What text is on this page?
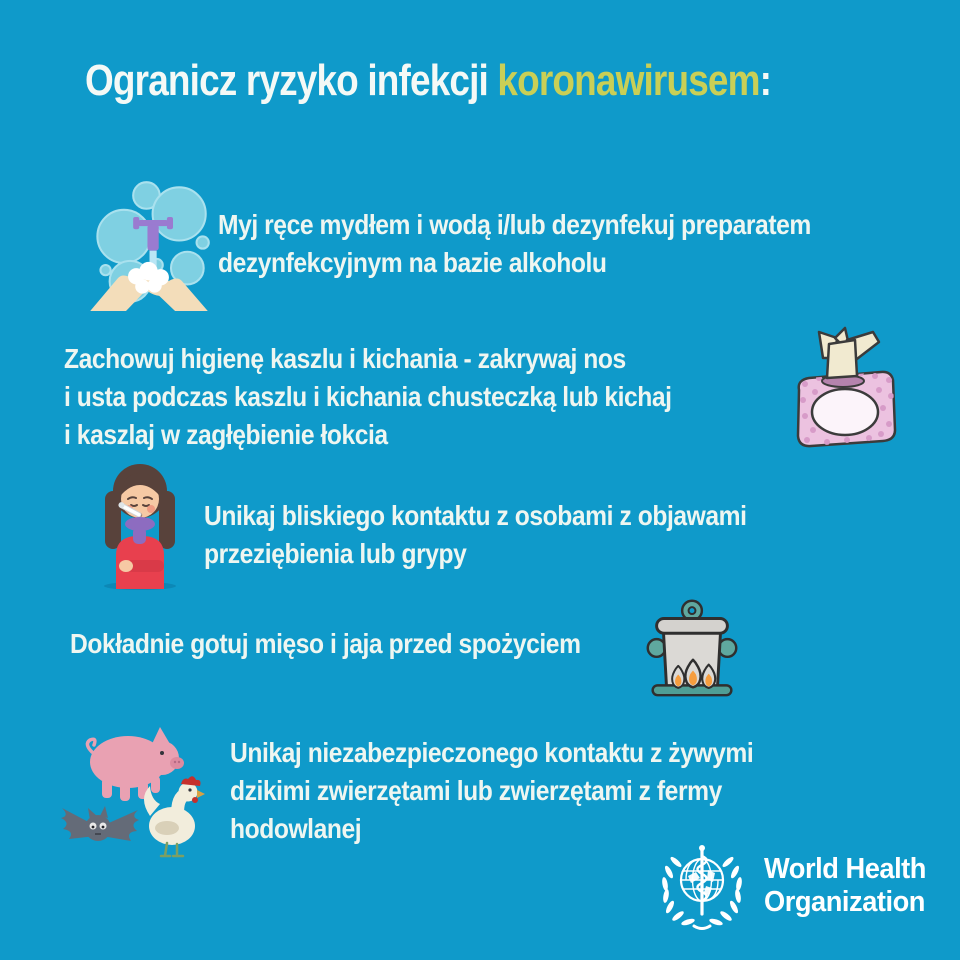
Ogranicz ryzyko infekcji koronawirusem:
Myj ręce mydłem i wodą i/lub dezynfekuj preparatem
dezynfekcyjnym na bazie alkoholu
Zachowuj higienę kaszlu i kichania - zakrywaj nos
i usta podczas kaszlu i kichania chusteczką lub kichaj
i kaszlaj w zagłębienie łokcia
Unikaj bliskiego kontaktu z osobami z objawami
przeziębienia lub grypy
Dokładnie gotuj mięso i jaja przed spożyciem
Unikaj niezabezpieczonego kontaktu z żywymi
dzikimi zwierzętami lub zwierzętami z fermy
hodowlanej
World Health
Organization
